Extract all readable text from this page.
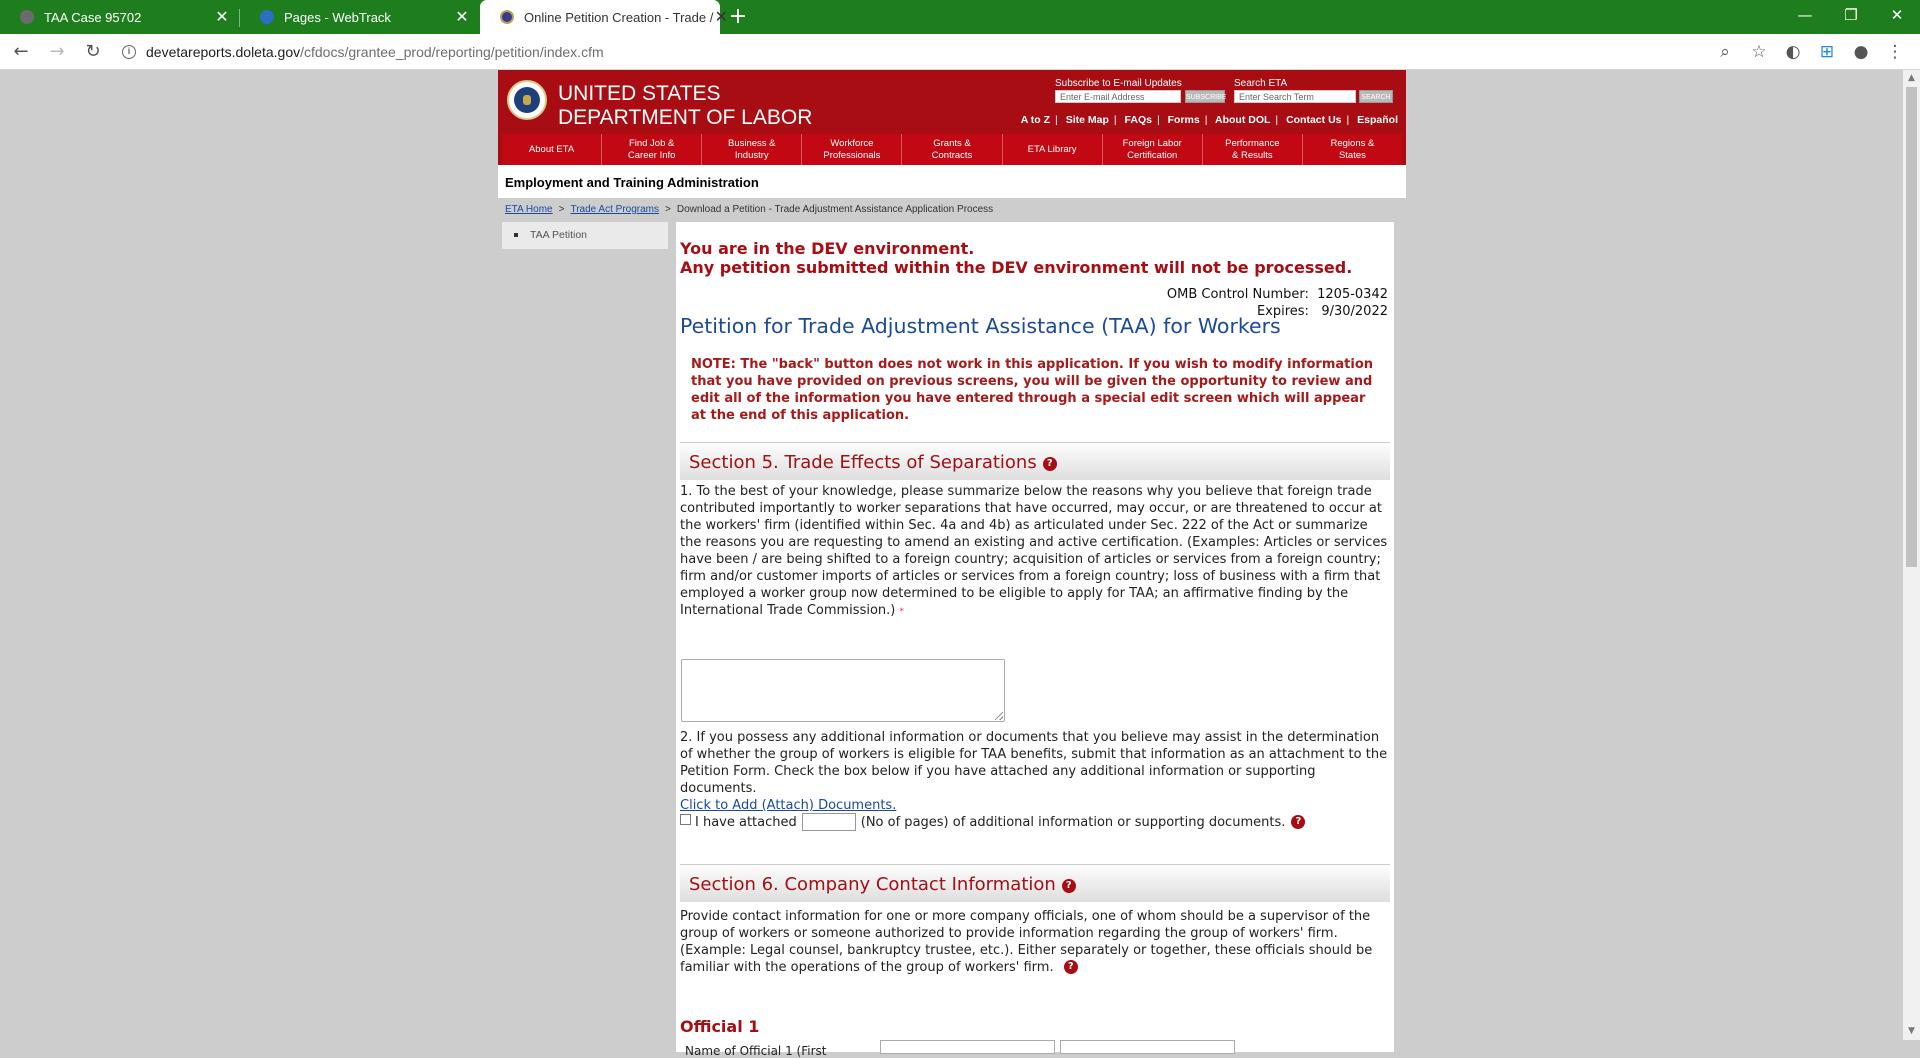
TAA Case 95702	✕	Pages - WebTrack	✕	Online Petition Creation - Trade / ✕ +	—	❐	✕
←	→	↻	i	devetareports.doleta.gov /cfdocs/grantee_prod/reporting/petition/index.cfm	⌕	☆	◐	⊞	●	⋮
UNITED STATES
DEPARTMENT OF LABOR
Subscribe to E-mail Updates
Enter E-mail Address	SUBSCRIBE
Search ETA
Enter Search Term	SEARCH
A to Z | Site Map | FAQs | Forms | About DOL | Contact Us | Español
About ETA
Find Job &
Career Info
Business &
Industry
Workforce
Professionals
Grants &
Contracts
ETA Library
Foreign Labor
Certification
Performance
& Results
Regions &
States
Employment and Training Administration
ETA Home > Trade Act Programs > Download a Petition - Trade Adjustment Assistance Application Process
TAA Petition
You are in the DEV environment.
Any petition submitted within the DEV environment will not be processed.
OMB Control Number: 1205-0342
Expires: 9/30/2022
Petition for Trade Adjustment Assistance (TAA) for Workers
NOTE: The "back" button does not work in this application. If you wish to modify information that you have provided on previous screens, you will be given the opportunity to review and edit all of the information you have entered through a special edit screen which will appear at the end of this application.
Section 5. Trade Effects of Separations ?
1. To the best of your knowledge, please summarize below the reasons why you believe that foreign trade contributed importantly to worker separations that have occurred, may occur, or are threatened to occur at the workers' firm (identified within Sec. 4a and 4b) as articulated under Sec. 222 of the Act or summarize the reasons you are requesting to amend an existing and active certification. (Examples: Articles or services have been / are being shifted to a foreign country; acquisition of articles or services from a foreign country; firm and/or customer imports of articles or services from a foreign country; loss of business with a firm that employed a worker group now determined to be eligible to apply for TAA; an affirmative finding by the International Trade Commission.) *
2. If you possess any additional information or documents that you believe may assist in the determination of whether the group of workers is eligible for TAA benefits, submit that information as an attachment to the Petition Form. Check the box below if you have attached any additional information or supporting documents.
Click to Add (Attach) Documents.
I have attached	(No of pages) of additional information or supporting documents.	?
Section 6. Company Contact Information ?
Provide contact information for one or more company officials, one of whom should be a supervisor of the group of workers or someone authorized to provide information regarding the group of workers' firm. (Example: Legal counsel, bankruptcy trustee, etc.). Either separately or together, these officials should be familiar with the operations of the group of workers' firm. ?
Official 1
Name of Official 1 (First
▲
▼
